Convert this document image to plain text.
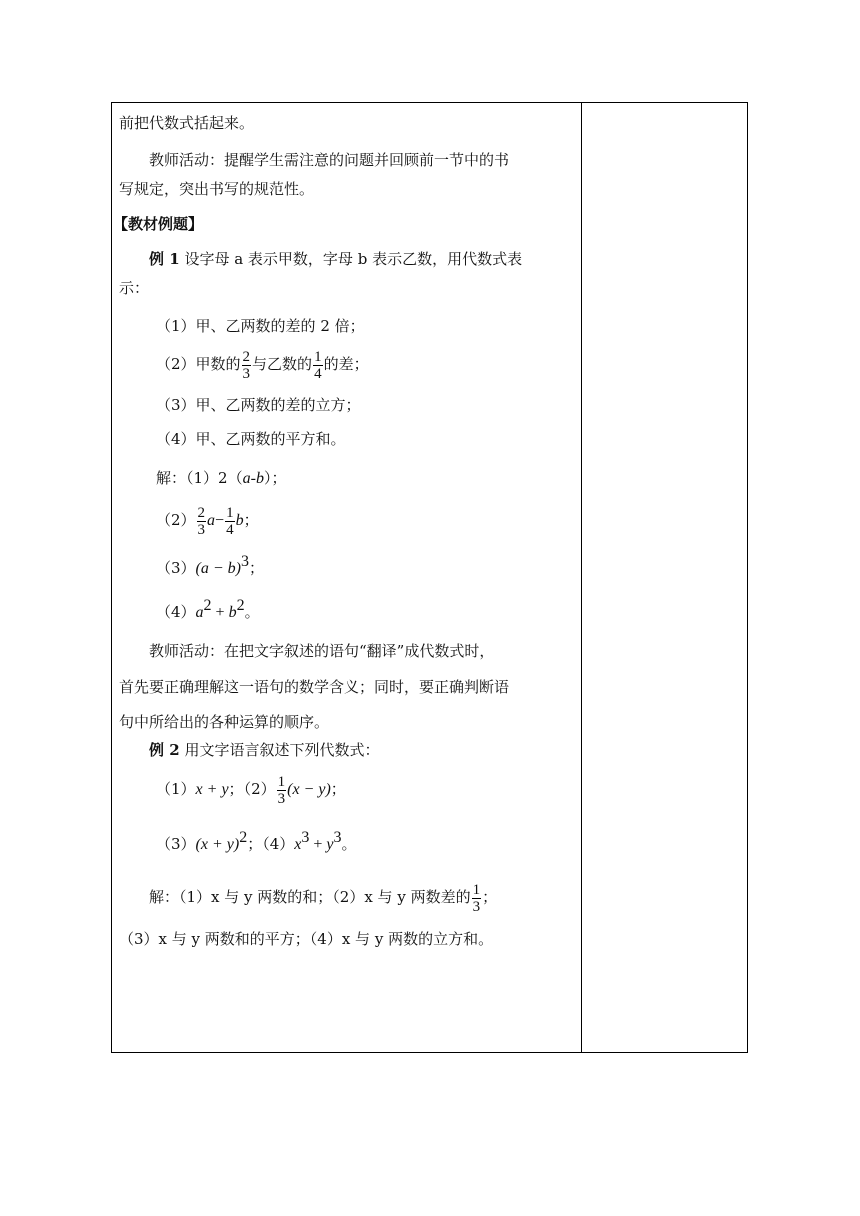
前把代数式括起来。
教师活动：提醒学生需注意的问题并回顾前一节中的书
写规定，突出书写的规范性。
【教材例题】
例 1 设字母 a 表示甲数，字母 b 表示乙数，用代数式表
示：
（1）甲、乙两数的差的 2 倍；
（2）甲数的 $\frac{2}{3}$ 与乙数的 $\frac{1}{4}$ 的差；
（3）甲、乙两数的差的立方；
（4）甲、乙两数的平方和。
解：（1）2（a-b）；
$(2) \frac{2}{3} a- \frac{1}{4}$ b；
$(3)(a - b)^3$；
$(4)a^2 + b^2$。
教师活动：在把文字叙述的语句“翻译”成代数式时，
首先要正确理解这一语句的数学含义；同时，要正确判断语
句中所给出的各种运算的顺序。
例 2 用文字语言叙述下列代数式：
（1）x + y；$(2) \frac{1}{3} (x - y)$；
$(3)(x + y)^2$；$(4)x^3 + y^3$。
解：（1）x 与 y 两数的和；（2）x 与 y 两数差的 $\frac{1}{3}$ ；
（3）x 与 y 两数和的平方；（4）x 与 y 两数的立方和。
